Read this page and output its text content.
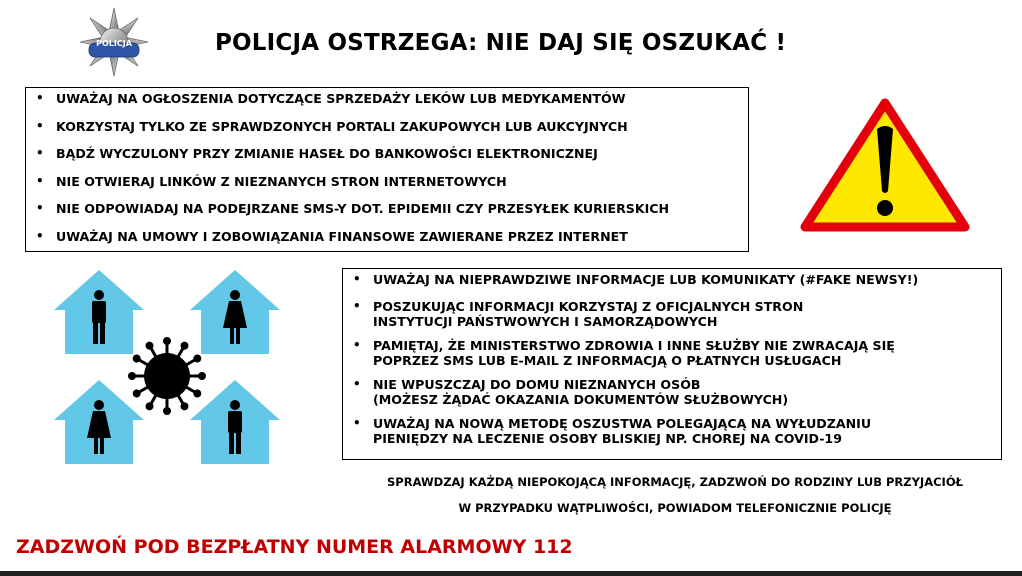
POLICJA	POLICJA OSTRZEGA: NIE DAJ SIĘ OSZUKAĆ !
• UWAŻAJ NA OGŁOSZENIA DOTYCZĄCE SPRZEDAŻY LEKÓW LUB MEDYKAMENTÓW
• KORZYSTAJ TYLKO ZE SPRAWDZONYCH PORTALI ZAKUPOWYCH LUB AUKCYJNYCH
• BĄDŹ WYCZULONY PRZY ZMIANIE HASEŁ DO BANKOWOŚCI ELEKTRONICZNEJ
• NIE OTWIERAJ LINKÓW Z NIEZNANYCH STRON INTERNETOWYCH
• NIE ODPOWIADAJ NA PODEJRZANE SMS-Y DOT. EPIDEMII CZY PRZESYŁEK KURIERSKICH
• UWAŻAJ NA UMOWY I ZOBOWIĄZANIA FINANSOWE ZAWIERANE PRZEZ INTERNET
• UWAŻAJ NA NIEPRAWDZIWE INFORMACJE LUB KOMUNIKATY (#FAKE NEWSY!)
• POSZUKUJĄC INFORMACJI KORZYSTAJ Z OFICJALNYCH STRON
INSTYTUCJI PAŃSTWOWYCH I SAMORZĄDOWYCH
• PAMIĘTAJ, ŻE MINISTERSTWO ZDROWIA I INNE SŁUŻBY NIE ZWRACAJĄ SIĘ
POPRZEZ SMS LUB E-MAIL Z INFORMACJĄ O PŁATNYCH USŁUGACH
• NIE WPUSZCZAJ DO DOMU NIEZNANYCH OSÓB
(MOŻESZ ŻĄDAĆ OKAZANIA DOKUMENTÓW SŁUŻBOWYCH)
• UWAŻAJ NA NOWĄ METODĘ OSZUSTWA POLEGAJĄCĄ NA WYŁUDZANIU
PIENIĘDZY NA LECZENIE OSOBY BLISKIEJ NP. CHOREJ NA COVID-19
SPRAWDZAJ KAŻDĄ NIEPOKOJĄCĄ INFORMACJĘ, ZADZWOŃ DO RODZINY LUB PRZYJACIÓŁ
W PRZYPADKU WĄTPLIWOŚCI, POWIADOM TELEFONICZNIE POLICJĘ
ZADZWOŃ POD BEZPŁATNY NUMER ALARMOWY 112
